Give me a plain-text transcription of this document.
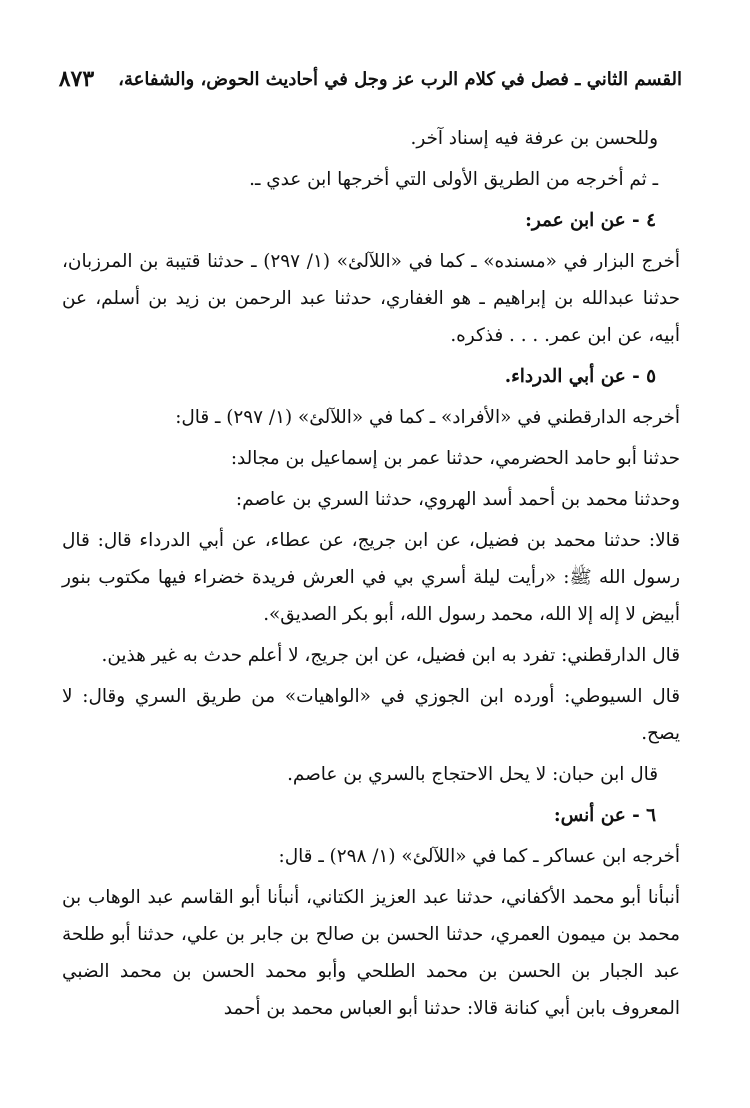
القسم الثاني ـ فصل في كلام الرب عز وجل في أحاديث الحوض، والشفاعة،
٨٧٣

وللحسن بن عرفة فيه إسناد آخر.

ـ ثم أخرجه من الطريق الأولى التي أخرجها ابن عدي ـ.

٤ - عن ابن عمر:

أخرج البزار في «مسنده» ـ كما في «اللآلئ» (١/ ٢٩٧) ـ حدثنا قتيبة بن المرزبان، حدثنا عبدالله بن إبراهيم ـ هو الغفاري، حدثنا عبد الرحمن بن زيد بن أسلم، عن أبيه، عن ابن عمر. . . . فذكره.

٥ - عن أبي الدرداء.

أخرجه الدارقطني في «الأفراد» ـ كما في «اللآلئ» (١/ ٢٩٧) ـ قال:

حدثنا أبو حامد الحضرمي، حدثنا عمر بن إسماعيل بن مجالد:

وحدثنا محمد بن أحمد أسد الهروي، حدثنا السري بن عاصم:

قالا: حدثنا محمد بن فضيل، عن ابن جريج، عن عطاء، عن أبي الدرداء قال: قال رسول الله ﷺ: «رأيت ليلة أسري بي في العرش فريدة خضراء فيها مكتوب بنور أبيض لا إله إلا الله، محمد رسول الله، أبو بكر الصديق».

قال الدارقطني: تفرد به ابن فضيل، عن ابن جريج، لا أعلم حدث به غير هذين.

قال السيوطي: أورده ابن الجوزي في «الواهيات» من طريق السري وقال: لا يصح.

قال ابن حبان: لا يحل الاحتجاج بالسري بن عاصم.

٦ - عن أنس:

أخرجه ابن عساكر ـ كما في «اللآلئ» (١/ ٢٩٨) ـ قال:

أنبأنا أبو محمد الأكفاني، حدثنا عبد العزيز الكتاني، أنبأنا أبو القاسم عبد الوهاب بن محمد بن ميمون العمري، حدثنا الحسن بن صالح بن جابر بن علي، حدثنا أبو طلحة عبد الجبار بن الحسن بن محمد الطلحي وأبو محمد الحسن بن محمد الضبي المعروف بابن أبي كنانة قالا: حدثنا أبو العباس محمد بن أحمد
